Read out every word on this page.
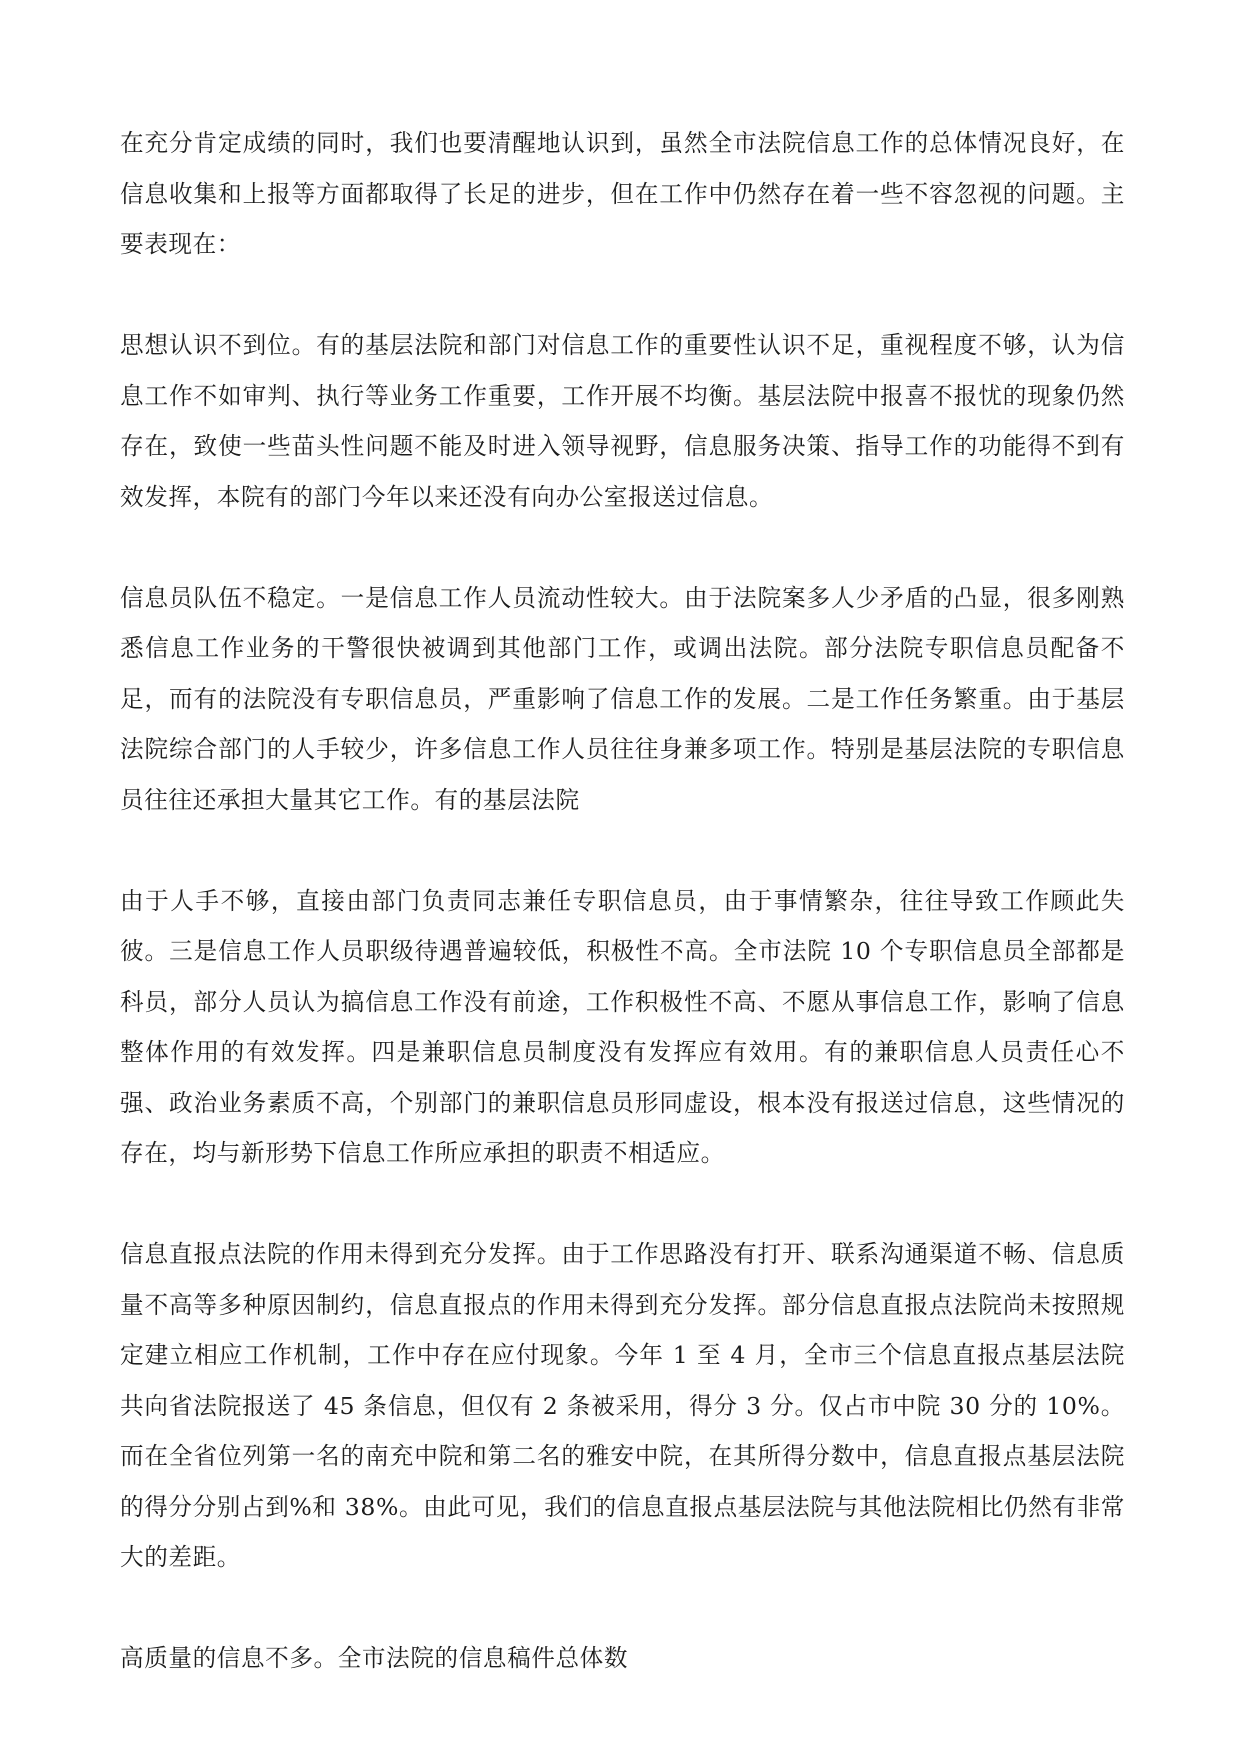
在充分肯定成绩的同时，我们也要清醒地认识到，虽然全市法院信息工作的总体情况良好，在信息收集和上报等方面都取得了长足的进步，但在工作中仍然存在着一些不容忽视的问题。主要表现在：

思想认识不到位。有的基层法院和部门对信息工作的重要性认识不足，重视程度不够，认为信息工作不如审判、执行等业务工作重要，工作开展不均衡。基层法院中报喜不报忧的现象仍然存在，致使一些苗头性问题不能及时进入领导视野，信息服务决策、指导工作的功能得不到有效发挥，本院有的部门今年以来还没有向办公室报送过信息。

信息员队伍不稳定。一是信息工作人员流动性较大。由于法院案多人少矛盾的凸显，很多刚熟悉信息工作业务的干警很快被调到其他部门工作，或调出法院。部分法院专职信息员配备不足，而有的法院没有专职信息员，严重影响了信息工作的发展。二是工作任务繁重。由于基层法院综合部门的人手较少，许多信息工作人员往往身兼多项工作。特别是基层法院的专职信息员往往还承担大量其它工作。有的基层法院

由于人手不够，直接由部门负责同志兼任专职信息员，由于事情繁杂，往往导致工作顾此失彼。三是信息工作人员职级待遇普遍较低，积极性不高。全市法院 10 个专职信息员全部都是科员，部分人员认为搞信息工作没有前途，工作积极性不高、不愿从事信息工作，影响了信息整体作用的有效发挥。四是兼职信息员制度没有发挥应有效用。有的兼职信息人员责任心不强、政治业务素质不高，个别部门的兼职信息员形同虚设，根本没有报送过信息，这些情况的存在，均与新形势下信息工作所应承担的职责不相适应。

信息直报点法院的作用未得到充分发挥。由于工作思路没有打开、联系沟通渠道不畅、信息质量不高等多种原因制约，信息直报点的作用未得到充分发挥。部分信息直报点法院尚未按照规定建立相应工作机制，工作中存在应付现象。今年 1 至 4 月，全市三个信息直报点基层法院共向省法院报送了 45 条信息，但仅有 2 条被采用，得分 3 分。仅占市中院 30 分的 10%。而在全省位列第一名的南充中院和第二名的雅安中院，在其所得分数中，信息直报点基层法院的得分分别占到%和 38%。由此可见，我们的信息直报点基层法院与其他法院相比仍然有非常大的差距。

高质量的信息不多。全市法院的信息稿件总体数
